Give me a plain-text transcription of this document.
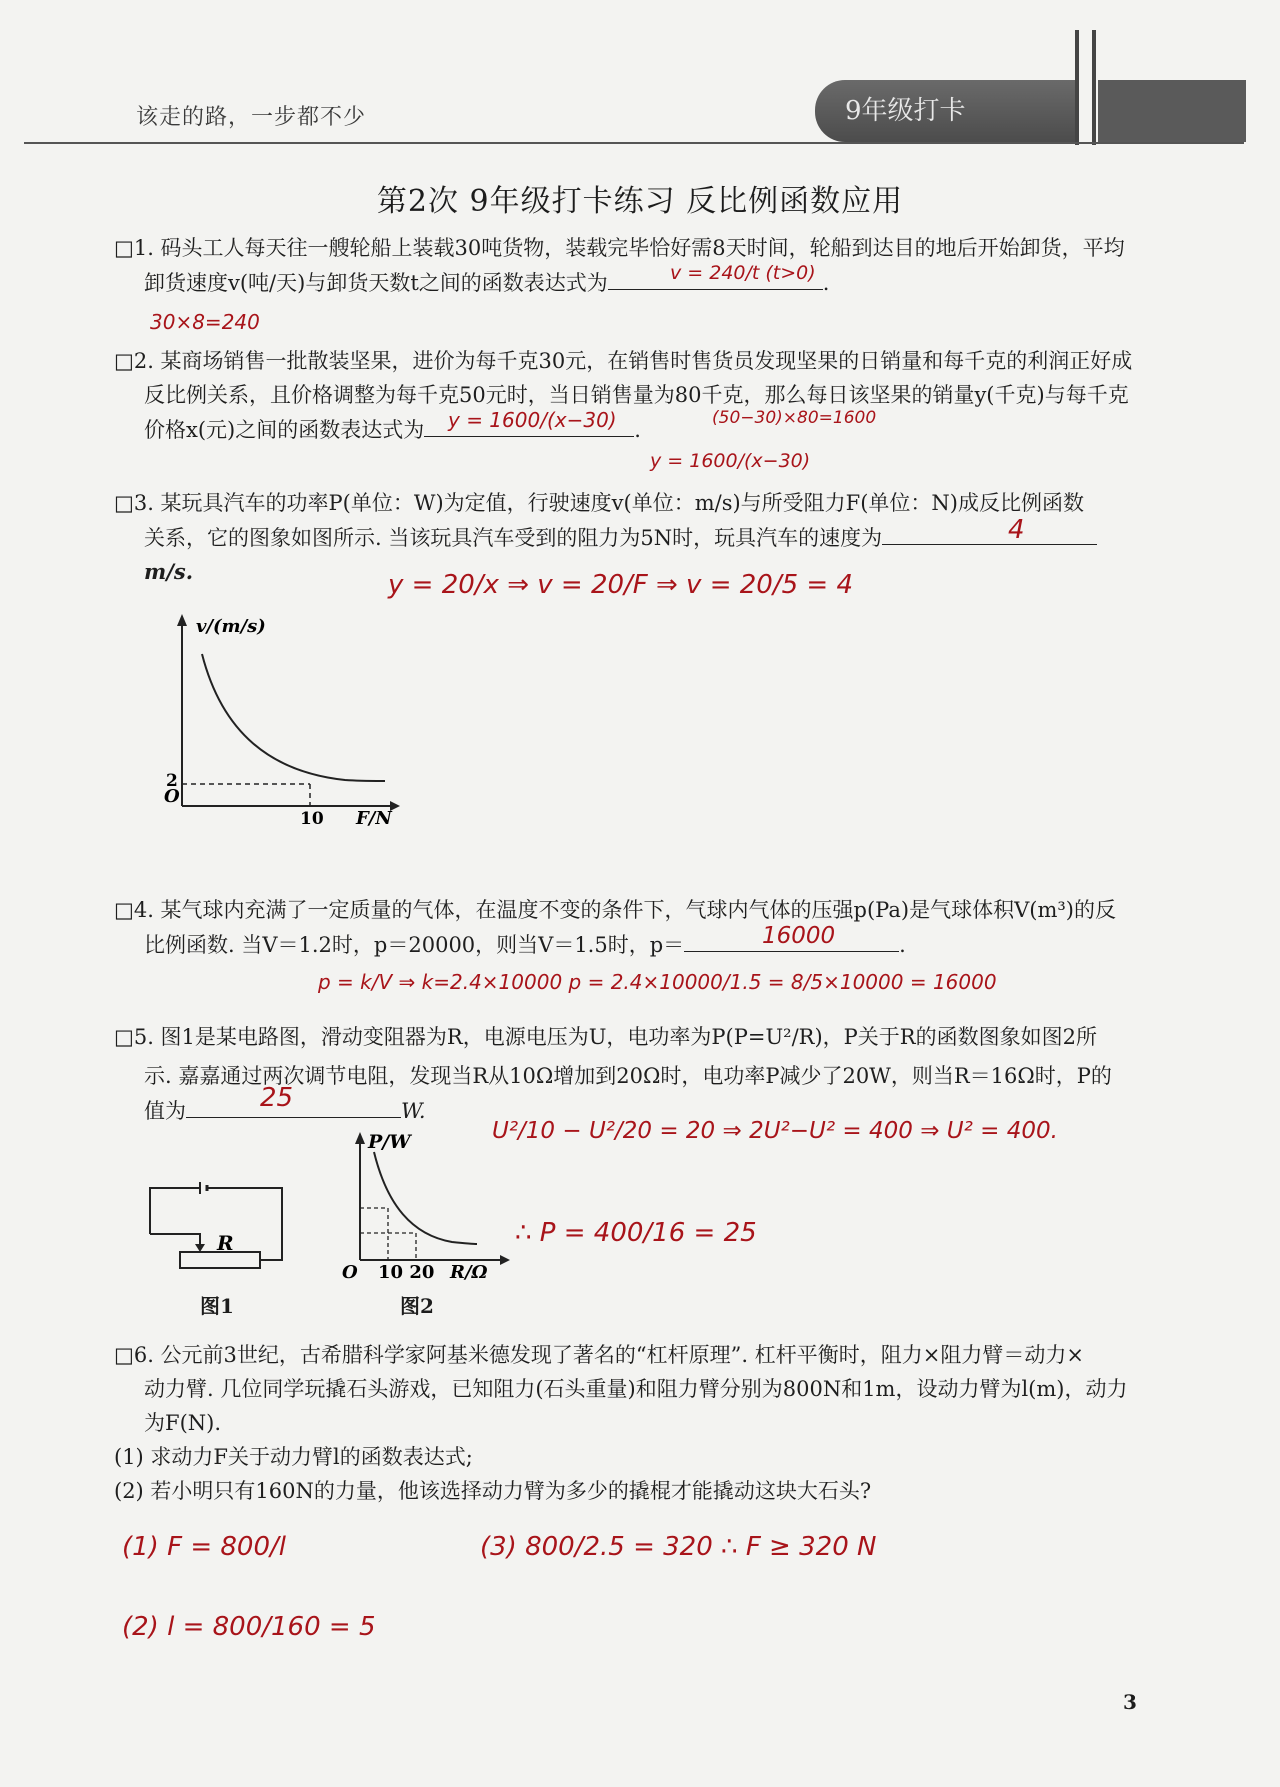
该走的路，一步都不少	9年级打卡
第2次 9年级打卡练习 反比例函数应用
□1. 码头工人每天往一艘轮船上装载30吨货物，装载完毕恰好需8天时间，轮船到达目的地后开始卸货，平均
卸货速度v(吨/天)与卸货天数t之间的函数表达式为	.
v = 240/t (t>0)
30×8=240
□2. 某商场销售一批散装坚果，进价为每千克30元，在销售时售货员发现坚果的日销量和每千克的利润正好成
反比例关系，且价格调整为每千克50元时，当日销售量为80千克，那么每日该坚果的销量y(千克)与每千克
价格x(元)之间的函数表达式为	.
y = 1600/(x−30)	(50−30)×80=1600
y = 1600/(x−30)
□3. 某玩具汽车的功率P(单位：W)为定值，行驶速度v(单位：m/s)与所受阻力F(单位：N)成反比例函数
关系，它的图象如图所示. 当该玩具汽车受到的阻力为5N时，玩具汽车的速度为
m/s.
4
y = 20/x ⇒ v = 20/F ⇒ v = 20/5 = 4
v/(m/s)
F/N
O
2
10
□4. 某气球内充满了一定质量的气体，在温度不变的条件下，气球内气体的压强p(Pa)是气球体积V(m³)的反
比例函数. 当V＝1.2时，p＝20000，则当V＝1.5时，p＝	.
16000
p = k/V ⇒ k=2.4×10000 p = 2.4×10000/1.5 = 8/5×10000 = 16000
□5. 图1是某电路图，滑动变阻器为R，电源电压为U，电功率为P(P=U²/R)，P关于R的函数图象如图2所
示. 嘉嘉通过两次调节电阻，发现当R从10Ω增加到20Ω时，电功率P减少了20W，则当R＝16Ω时，P的
值为	W.
25
U²/10 − U²/20 = 20 ⇒ 2U²−U² = 400 ⇒ U² = 400.
∴ P = 400/16 = 25
R
图1
P/W
O 10 20 R/Ω
图2
□6. 公元前3世纪，古希腊科学家阿基米德发现了著名的“杠杆原理”. 杠杆平衡时，阻力×阻力臂＝动力×
动力臂. 几位同学玩撬石头游戏，已知阻力(石头重量)和阻力臂分别为800N和1m，设动力臂为l(m)，动力
为F(N).
(1) 求动力F关于动力臂l的函数表达式;
(2) 若小明只有160N的力量，他该选择动力臂为多少的撬棍才能撬动这块大石头?
(1) F = 800/l
(2) l = 800/160 = 5
(3) 800/2.5 = 320 ∴ F ≥ 320 N
3
